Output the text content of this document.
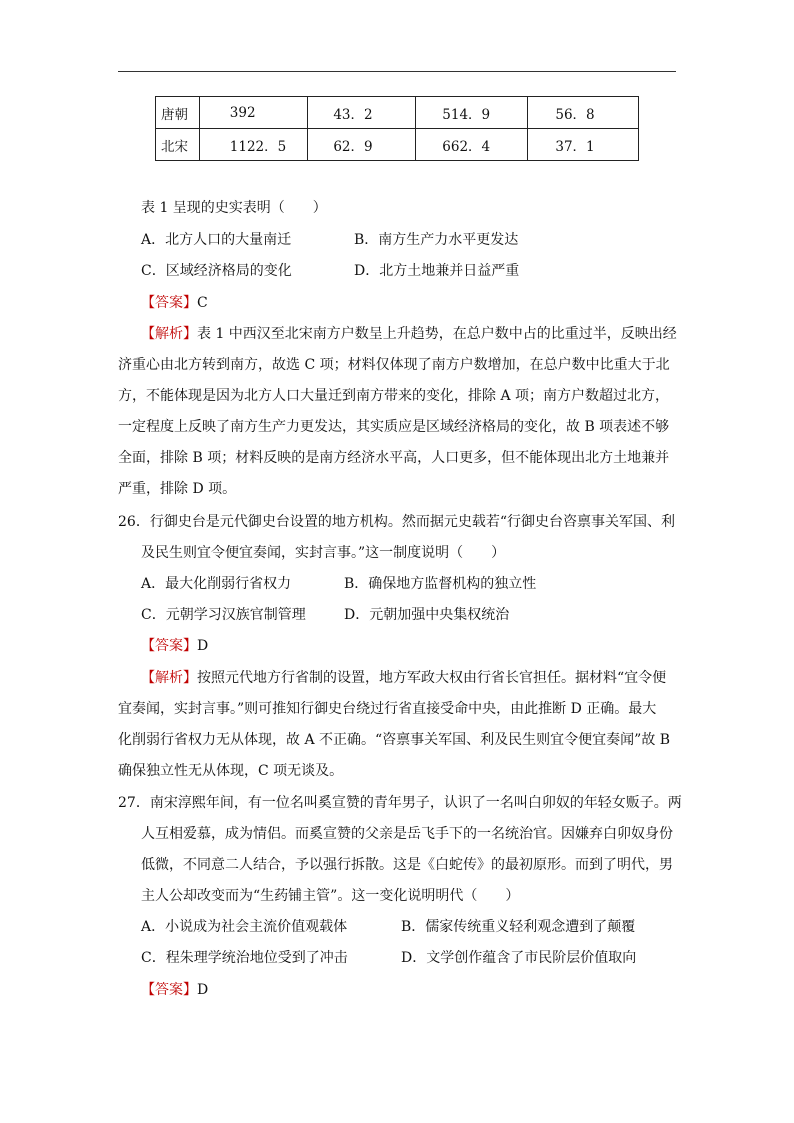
唐朝	392	43．2	514．9	56．8
北宋	1122．5	62．9	662．4	37．1
表 1 呈现的史实表明（　　）
A．北方人口的大量南迁	B．南方生产力水平更发达
C．区域经济格局的变化	D．北方土地兼并日益严重
【答案】C
【解析】表 1 中西汉至北宋南方户数呈上升趋势，在总户数中占的比重过半，反映出经
济重心由北方转到南方，故选 C 项；材料仅体现了南方户数增加，在总户数中比重大于北
方，不能体现是因为北方人口大量迁到南方带来的变化，排除 A 项；南方户数超过北方，
一定程度上反映了南方生产力更发达，其实质应是区域经济格局的变化，故 B 项表述不够
全面，排除 B 项；材料反映的是南方经济水平高，人口更多，但不能体现出北方土地兼并
严重，排除 D 项。
26．行御史台是元代御史台设置的地方机构。然而据元史载若“行御史台咨禀事关军国、利
及民生则宜令便宜奏闻，实封言事。”这一制度说明（　　）
A．最大化削弱行省权力	B．确保地方监督机构的独立性
C．元朝学习汉族官制管理	D．元朝加强中央集权统治
【答案】D
【解析】按照元代地方行省制的设置，地方军政大权由行省长官担任。据材料“宜令便
宜奏闻，实封言事。”则可推知行御史台绕过行省直接受命中央，由此推断 D 正确。最大
化削弱行省权力无从体现，故 A 不正确。“咨禀事关军国、利及民生则宜令便宜奏闻”故 B
确保独立性无从体现，C 项无谈及。
27．南宋淳熙年间，有一位名叫奚宣赞的青年男子，认识了一名叫白卯奴的年轻女贩子。两
人互相爱慕，成为情侣。而奚宣赞的父亲是岳飞手下的一名统治官。因嫌弃白卯奴身份
低微，不同意二人结合，予以强行拆散。这是《白蛇传》的最初原形。而到了明代，男
主人公却改变而为“生药铺主管”。这一变化说明明代（　　）
A．小说成为社会主流价值观载体	B．儒家传统重义轻利观念遭到了颠覆
C．程朱理学统治地位受到了冲击	D．文学创作蕴含了市民阶层价值取向
【答案】D
